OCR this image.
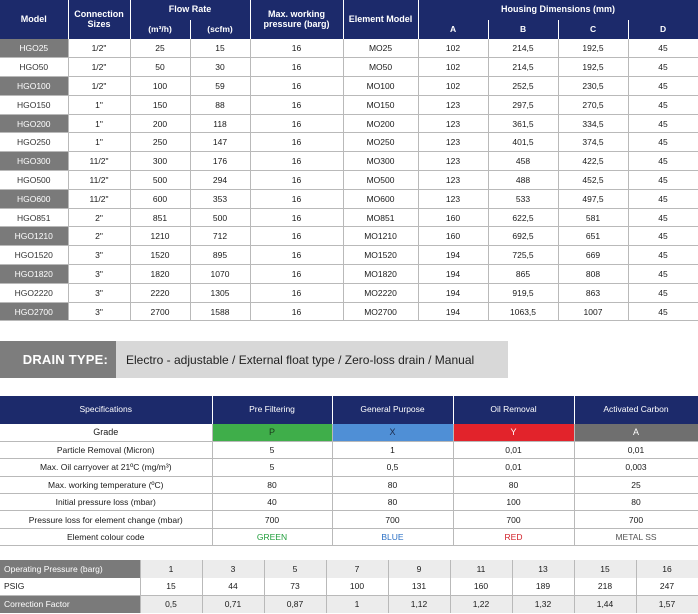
Model	Connection Sizes	Flow Rate		Max. working pressure (barg)	Element Model	Housing Dimensions (mm)			
		(m³/h)	(scfm)			A	B	C	D
HGO25	1/2"	25	15	16	MO25	102	214,5	192,5	45
HGO50	1/2"	50	30	16	MO50	102	214,5	192,5	45
HGO100	1/2"	100	59	16	MO100	102	252,5	230,5	45
HGO150	1"	150	88	16	MO150	123	297,5	270,5	45
HGO200	1"	200	118	16	MO200	123	361,5	334,5	45
HGO250	1"	250	147	16	MO250	123	401,5	374,5	45
HGO300	11/2"	300	176	16	MO300	123	458	422,5	45
HGO500	11/2"	500	294	16	MO500	123	488	452,5	45
HGO600	11/2"	600	353	16	MO600	123	533	497,5	45
HGO851	2"	851	500	16	MO851	160	622,5	581	45
HGO1210	2"	1210	712	16	MO1210	160	692,5	651	45
HGO1520	3"	1520	895	16	MO1520	194	725,5	669	45
HGO1820	3"	1820	1070	16	MO1820	194	865	808	45
HGO2220	3"	2220	1305	16	MO2220	194	919,5	863	45
HGO2700	3"	2700	1588	16	MO2700	194	1063,5	1007	45
DRAIN TYPE:	Electro - adjustable / External float type / Zero-loss drain / Manual
Specifications	Pre Filtering	General Purpose	Oil Removal	Activated Carbon
Grade	P	X	Y	A
Particle Removal (Micron)	5	1	0,01	0,01
Max. Oil carryover at 21ºC (mg/m³)	5	0,5	0,01	0,003
Max. working temperature (ºC)	80	80	80	25
Initial pressure loss (mbar)	40	80	100	80
Pressure loss for element change (mbar)	700	700	700	700
Element colour code	GREEN	BLUE	RED	METAL SS
Operating Pressure (barg)	1	3	5	7	9	11	13	15	16
PSIG	15	44	73	100	131	160	189	218	247
Correction Factor	0,5	0,71	0,87	1	1,12	1,22	1,32	1,44	1,57
